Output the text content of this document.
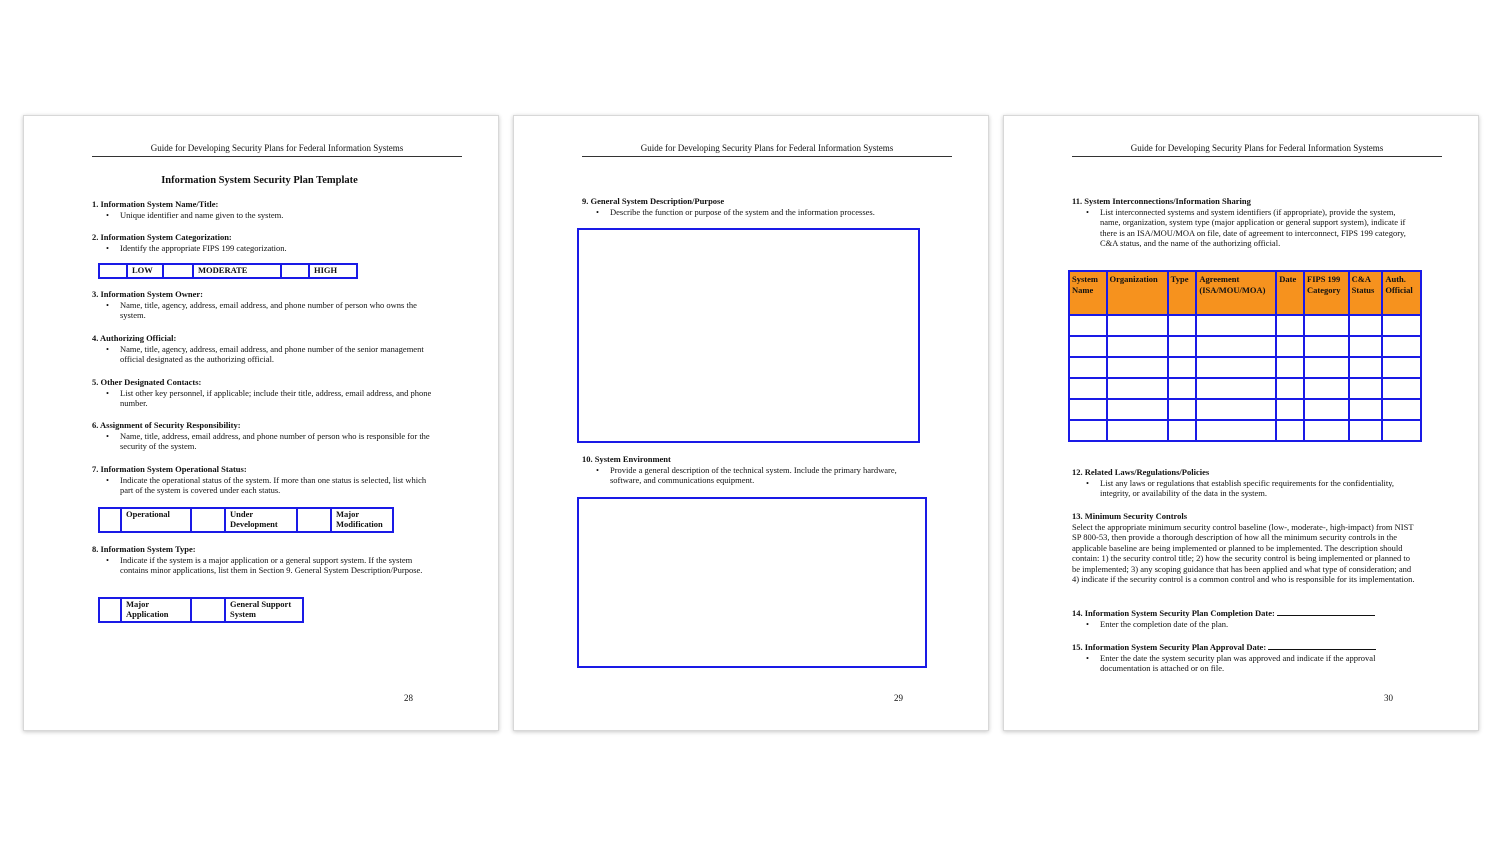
Guide for Developing Security Plans for Federal Information Systems
Information System Security Plan Template
1. Information System Name/Title:
• Unique identifier and name given to the system.
2. Information System Categorization:
• Identify the appropriate FIPS 199 categorization.
	LOW		MODERATE		HIGH
3. Information System Owner:
• Name, title, agency, address, email address, and phone number of person who owns the system.
4. Authorizing Official:
• Name, title, agency, address, email address, and phone number of the senior management official designated as the authorizing official.
5. Other Designated Contacts:
• List other key personnel, if applicable; include their title, address, email address, and phone number.
6. Assignment of Security Responsibility:
• Name, title, address, email address, and phone number of person who is responsible for the security of the system.
7. Information System Operational Status:
• Indicate the operational status of the system. If more than one status is selected, list which part of the system is covered under each status.
	Operational		Under Development		Major Modification
8. Information System Type:
• Indicate if the system is a major application or a general support system. If the system contains minor applications, list them in Section 9. General System Description/Purpose.
	Major Application		General Support System
28
Guide for Developing Security Plans for Federal Information Systems
9. General System Description/Purpose
• Describe the function or purpose of the system and the information processes.
10. System Environment
• Provide a general description of the technical system. Include the primary hardware, software, and communications equipment.
29
Guide for Developing Security Plans for Federal Information Systems
11. System Interconnections/Information Sharing
• List interconnected systems and system identifiers (if appropriate), provide the system, name, organization, system type (major application or general support system), indicate if there is an ISA/MOU/MOA on file, date of agreement to interconnect, FIPS 199 category, C&A status, and the name of the authorizing official.
System Name	Organization	Type	Agreement (ISA/MOU/MOA)	Date	FIPS 199 Category	C&A Status	Auth. Official

12. Related Laws/Regulations/Policies
• List any laws or regulations that establish specific requirements for the confidentiality, integrity, or availability of the data in the system.
13. Minimum Security Controls
Select the appropriate minimum security control baseline (low-, moderate-, high-impact) from NIST SP 800-53, then provide a thorough description of how all the minimum security controls in the applicable baseline are being implemented or planned to be implemented. The description should contain: 1) the security control title; 2) how the security control is being implemented or planned to be implemented; 3) any scoping guidance that has been applied and what type of consideration; and 4) indicate if the security control is a common control and who is responsible for its implementation.
14. Information System Security Plan Completion Date:
• Enter the completion date of the plan.
15. Information System Security Plan Approval Date:
• Enter the date the system security plan was approved and indicate if the approval documentation is attached or on file.
30
